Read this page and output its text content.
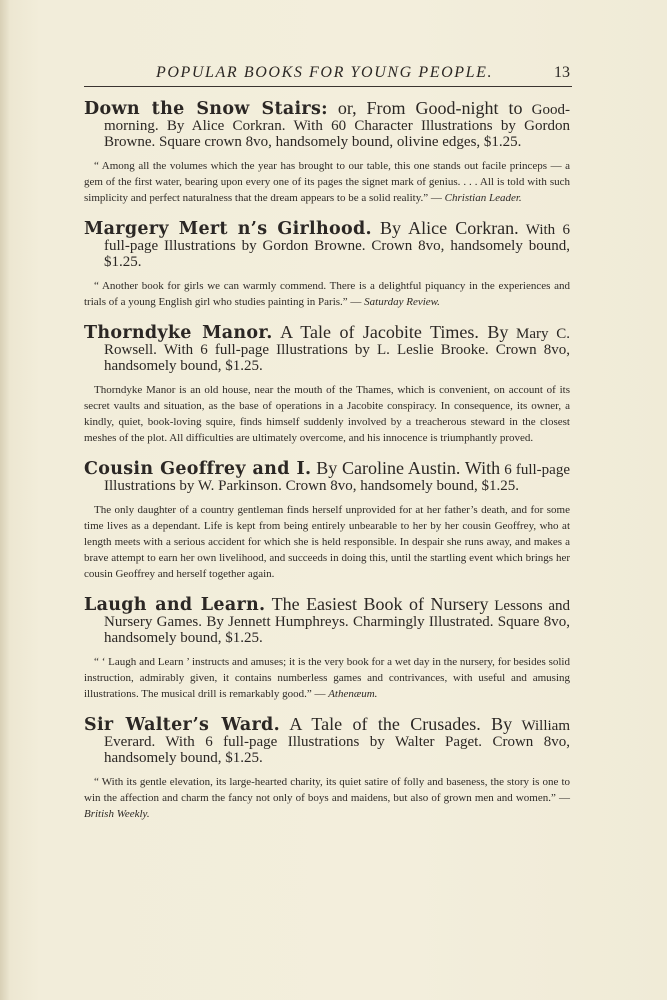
POPULAR BOOKS FOR YOUNG PEOPLE.	13

Down the Snow Stairs: or, From Good-night to Good-morning. By Alice Corkran. With 60 Character Illustrations by Gordon Browne. Square crown 8vo, handsomely bound, olivine edges, $1.25.

“ Among all the volumes which the year has brought to our table, this one stands out facile princeps — a gem of the first water, bearing upon every one of its pages the signet mark of genius. . . . All is told with such simplicity and perfect naturalness that the dream appears to be a solid reality.” — Christian Leader.

Margery Mert n’s Girlhood. By Alice Corkran. With 6 full-page Illustrations by Gordon Browne. Crown 8vo, handsomely bound, $1.25.

“ Another book for girls we can warmly commend. There is a delightful piquancy in the experiences and trials of a young English girl who studies painting in Paris.” — Saturday Review.

Thorndyke Manor. A Tale of Jacobite Times. By Mary C. Rowsell. With 6 full-page Illustrations by L. Leslie Brooke. Crown 8vo, handsomely bound, $1.25.

Thorndyke Manor is an old house, near the mouth of the Thames, which is convenient, on account of its secret vaults and situation, as the base of operations in a Jacobite conspiracy. In consequence, its owner, a kindly, quiet, book-loving squire, finds himself suddenly involved by a treacherous steward in the closest meshes of the plot. All difficulties are ultimately overcome, and his innocence is triumphantly proved.

Cousin Geoffrey and I. By Caroline Austin. With 6 full-page Illustrations by W. Parkinson. Crown 8vo, handsomely bound, $1.25.

The only daughter of a country gentleman finds herself unprovided for at her father’s death, and for some time lives as a dependant. Life is kept from being entirely unbearable to her by her cousin Geoffrey, who at length meets with a serious accident for which she is held responsible. In despair she runs away, and makes a brave attempt to earn her own livelihood, and succeeds in doing this, until the startling event which brings her cousin Geoffrey and herself together again.

Laugh and Learn. The Easiest Book of Nursery Lessons and Nursery Games. By Jennett Humphreys. Charmingly Illustrated. Square 8vo, handsomely bound, $1.25.

“ ‘ Laugh and Learn ’ instructs and amuses; it is the very book for a wet day in the nursery, for besides solid instruction, admirably given, it contains numberless games and contrivances, with useful and amusing illustrations. The musical drill is remarkably good.” — Athenæum.

Sir Walter’s Ward. A Tale of the Crusades. By William Everard. With 6 full-page Illustrations by Walter Paget. Crown 8vo, handsomely bound, $1.25.

“ With its gentle elevation, its large-hearted charity, its quiet satire of folly and baseness, the story is one to win the affection and charm the fancy not only of boys and maidens, but also of grown men and women.” — British Weekly.
